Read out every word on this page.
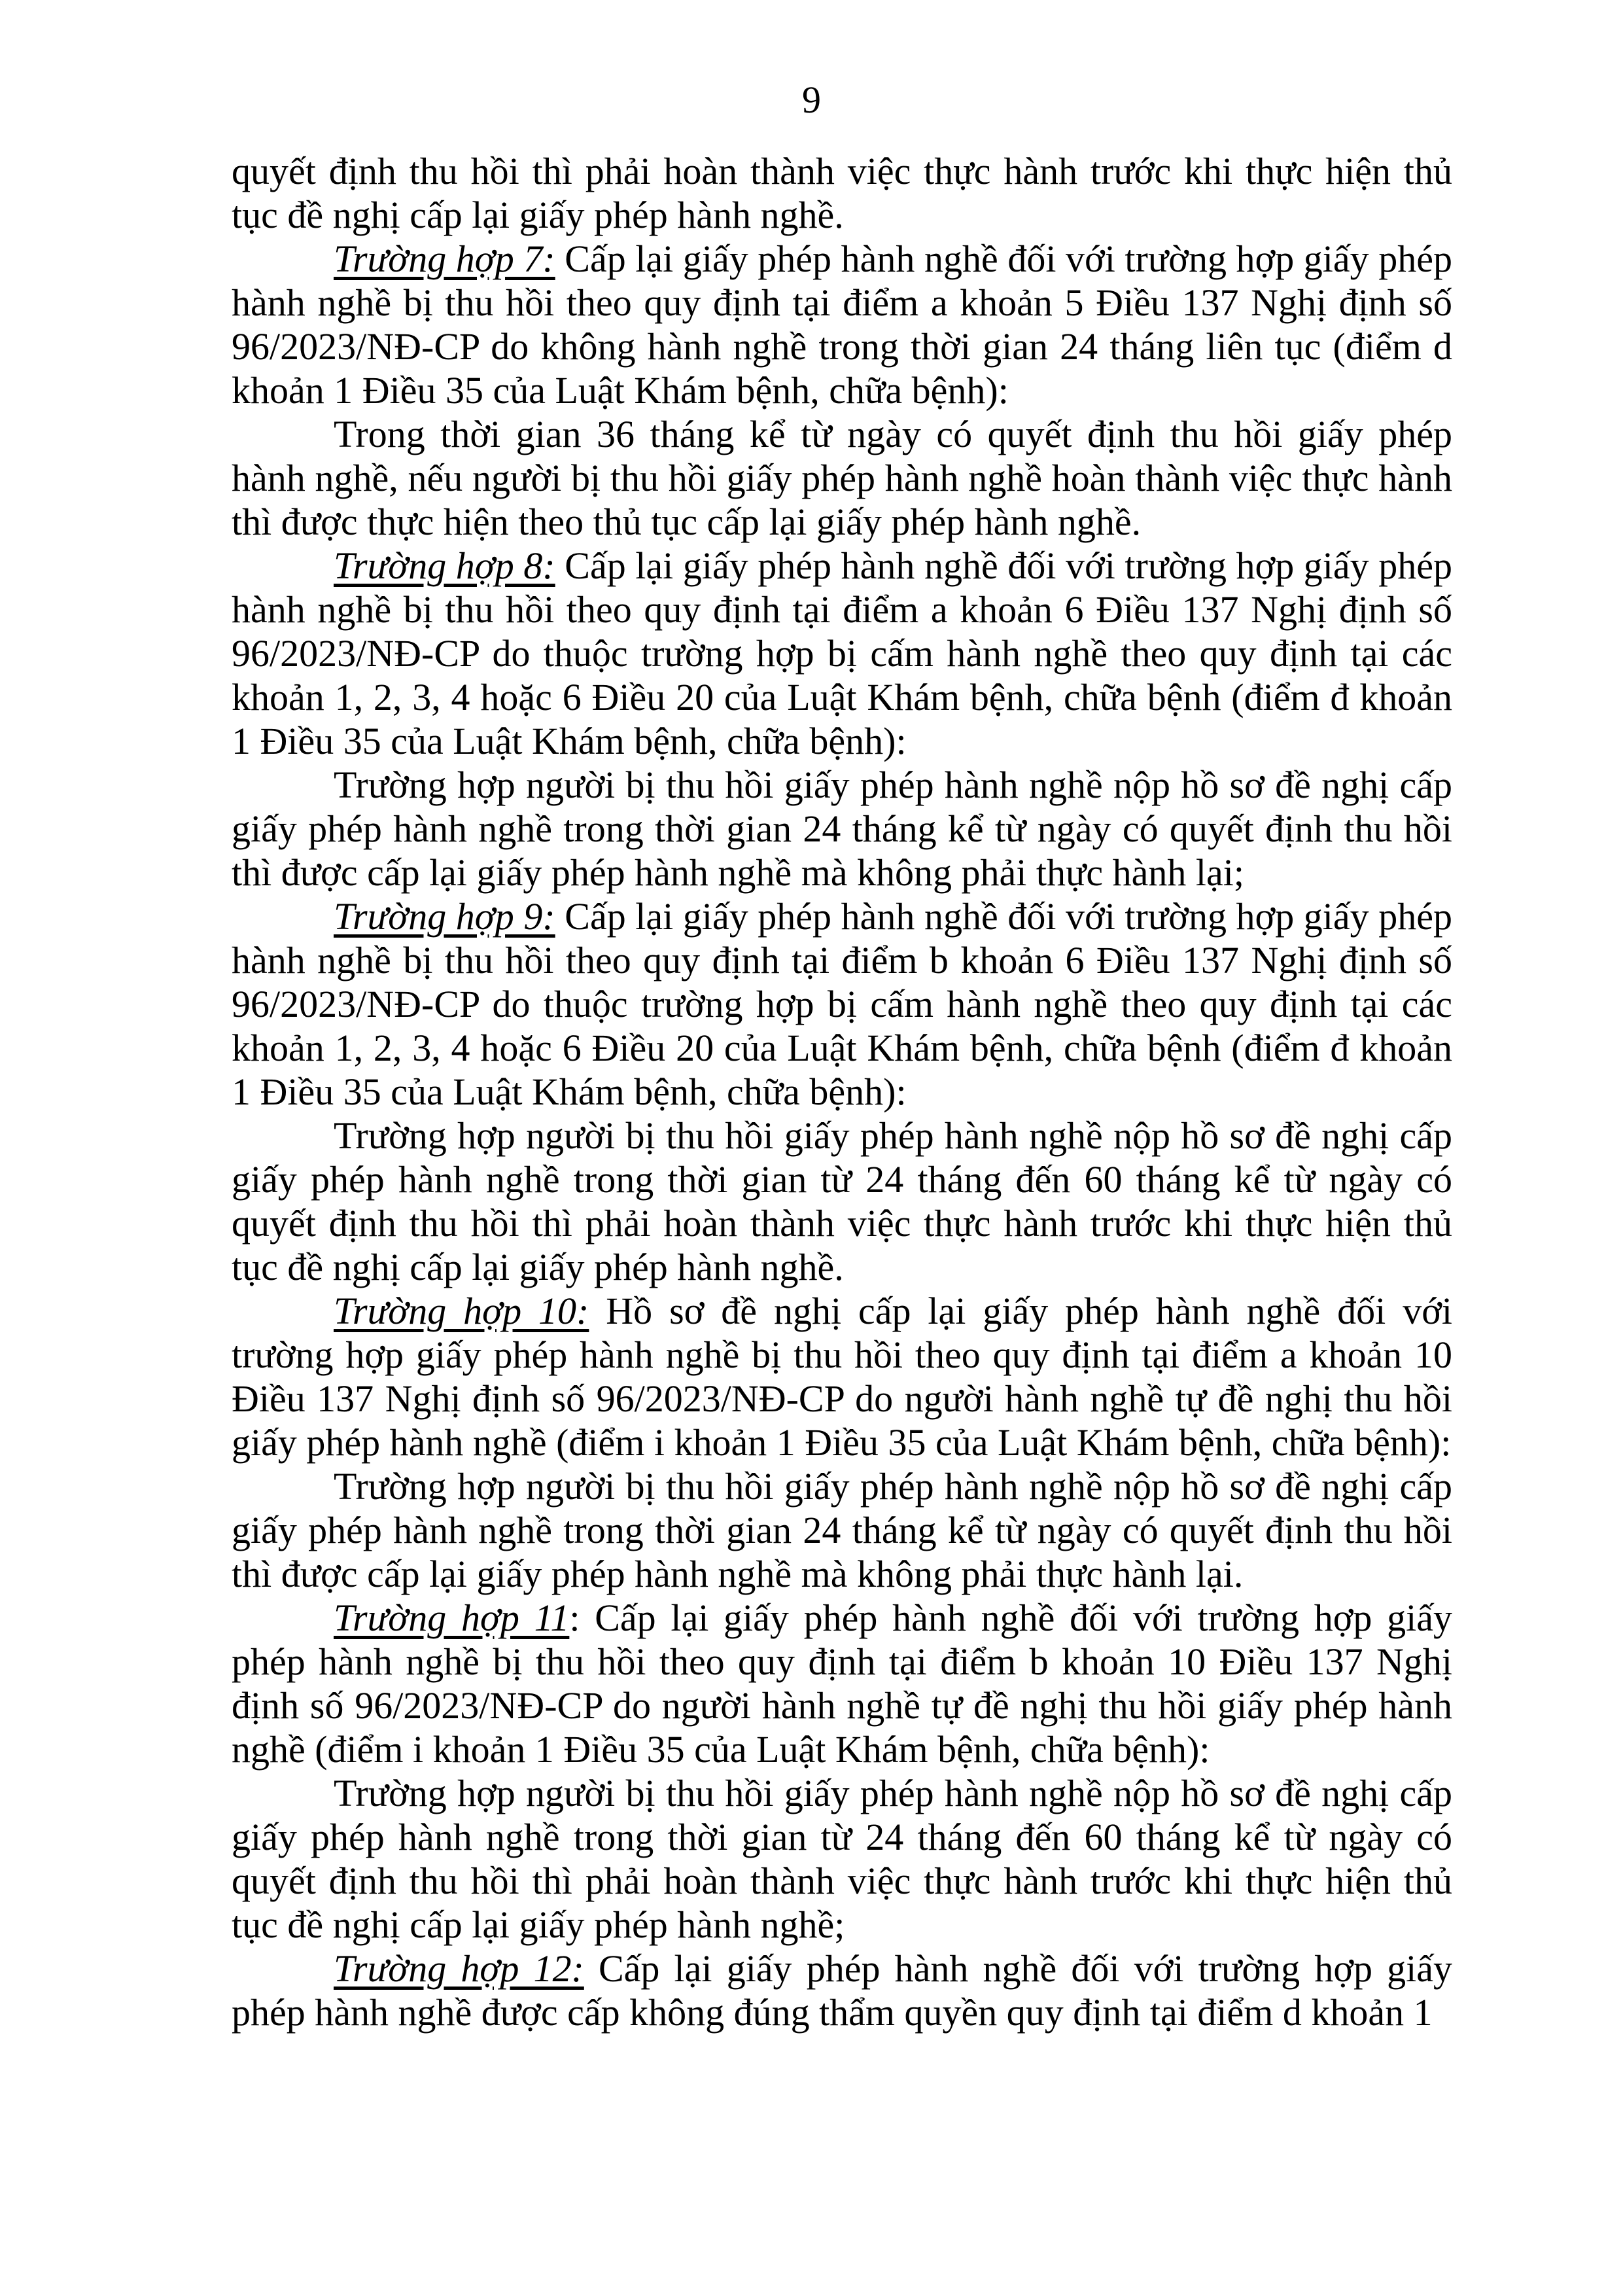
9

quyết định thu hồi thì phải hoàn thành việc thực hành trước khi thực hiện thủ tục đề nghị cấp lại giấy phép hành nghề.

Trường hợp 7: Cấp lại giấy phép hành nghề đối với trường hợp giấy phép hành nghề bị thu hồi theo quy định tại điểm a khoản 5 Điều 137 Nghị định số 96/2023/NĐ-CP do không hành nghề trong thời gian 24 tháng liên tục (điểm d khoản 1 Điều 35 của Luật Khám bệnh, chữa bệnh):

Trong thời gian 36 tháng kể từ ngày có quyết định thu hồi giấy phép hành nghề, nếu người bị thu hồi giấy phép hành nghề hoàn thành việc thực hành thì được thực hiện theo thủ tục cấp lại giấy phép hành nghề.

Trường hợp 8: Cấp lại giấy phép hành nghề đối với trường hợp giấy phép hành nghề bị thu hồi theo quy định tại điểm a khoản 6 Điều 137 Nghị định số 96/2023/NĐ-CP do thuộc trường hợp bị cấm hành nghề theo quy định tại các khoản 1, 2, 3, 4 hoặc 6 Điều 20 của Luật Khám bệnh, chữa bệnh (điểm đ khoản 1 Điều 35 của Luật Khám bệnh, chữa bệnh):

Trường hợp người bị thu hồi giấy phép hành nghề nộp hồ sơ đề nghị cấp giấy phép hành nghề trong thời gian 24 tháng kể từ ngày có quyết định thu hồi thì được cấp lại giấy phép hành nghề mà không phải thực hành lại;

Trường hợp 9: Cấp lại giấy phép hành nghề đối với trường hợp giấy phép hành nghề bị thu hồi theo quy định tại điểm b khoản 6 Điều 137 Nghị định số 96/2023/NĐ-CP do thuộc trường hợp bị cấm hành nghề theo quy định tại các khoản 1, 2, 3, 4 hoặc 6 Điều 20 của Luật Khám bệnh, chữa bệnh (điểm đ khoản 1 Điều 35 của Luật Khám bệnh, chữa bệnh):

Trường hợp người bị thu hồi giấy phép hành nghề nộp hồ sơ đề nghị cấp giấy phép hành nghề trong thời gian từ 24 tháng đến 60 tháng kể từ ngày có quyết định thu hồi thì phải hoàn thành việc thực hành trước khi thực hiện thủ tục đề nghị cấp lại giấy phép hành nghề.

Trường hợp 10: Hồ sơ đề nghị cấp lại giấy phép hành nghề đối với trường hợp giấy phép hành nghề bị thu hồi theo quy định tại điểm a khoản 10 Điều 137 Nghị định số 96/2023/NĐ-CP do người hành nghề tự đề nghị thu hồi giấy phép hành nghề (điểm i khoản 1 Điều 35 của Luật Khám bệnh, chữa bệnh):

Trường hợp người bị thu hồi giấy phép hành nghề nộp hồ sơ đề nghị cấp giấy phép hành nghề trong thời gian 24 tháng kể từ ngày có quyết định thu hồi thì được cấp lại giấy phép hành nghề mà không phải thực hành lại.

Trường hợp 11: Cấp lại giấy phép hành nghề đối với trường hợp giấy phép hành nghề bị thu hồi theo quy định tại điểm b khoản 10 Điều 137 Nghị định số 96/2023/NĐ-CP do người hành nghề tự đề nghị thu hồi giấy phép hành nghề (điểm i khoản 1 Điều 35 của Luật Khám bệnh, chữa bệnh):

Trường hợp người bị thu hồi giấy phép hành nghề nộp hồ sơ đề nghị cấp giấy phép hành nghề trong thời gian từ 24 tháng đến 60 tháng kể từ ngày có quyết định thu hồi thì phải hoàn thành việc thực hành trước khi thực hiện thủ tục đề nghị cấp lại giấy phép hành nghề;

Trường hợp 12: Cấp lại giấy phép hành nghề đối với trường hợp giấy phép hành nghề được cấp không đúng thẩm quyền quy định tại điểm d khoản 1
